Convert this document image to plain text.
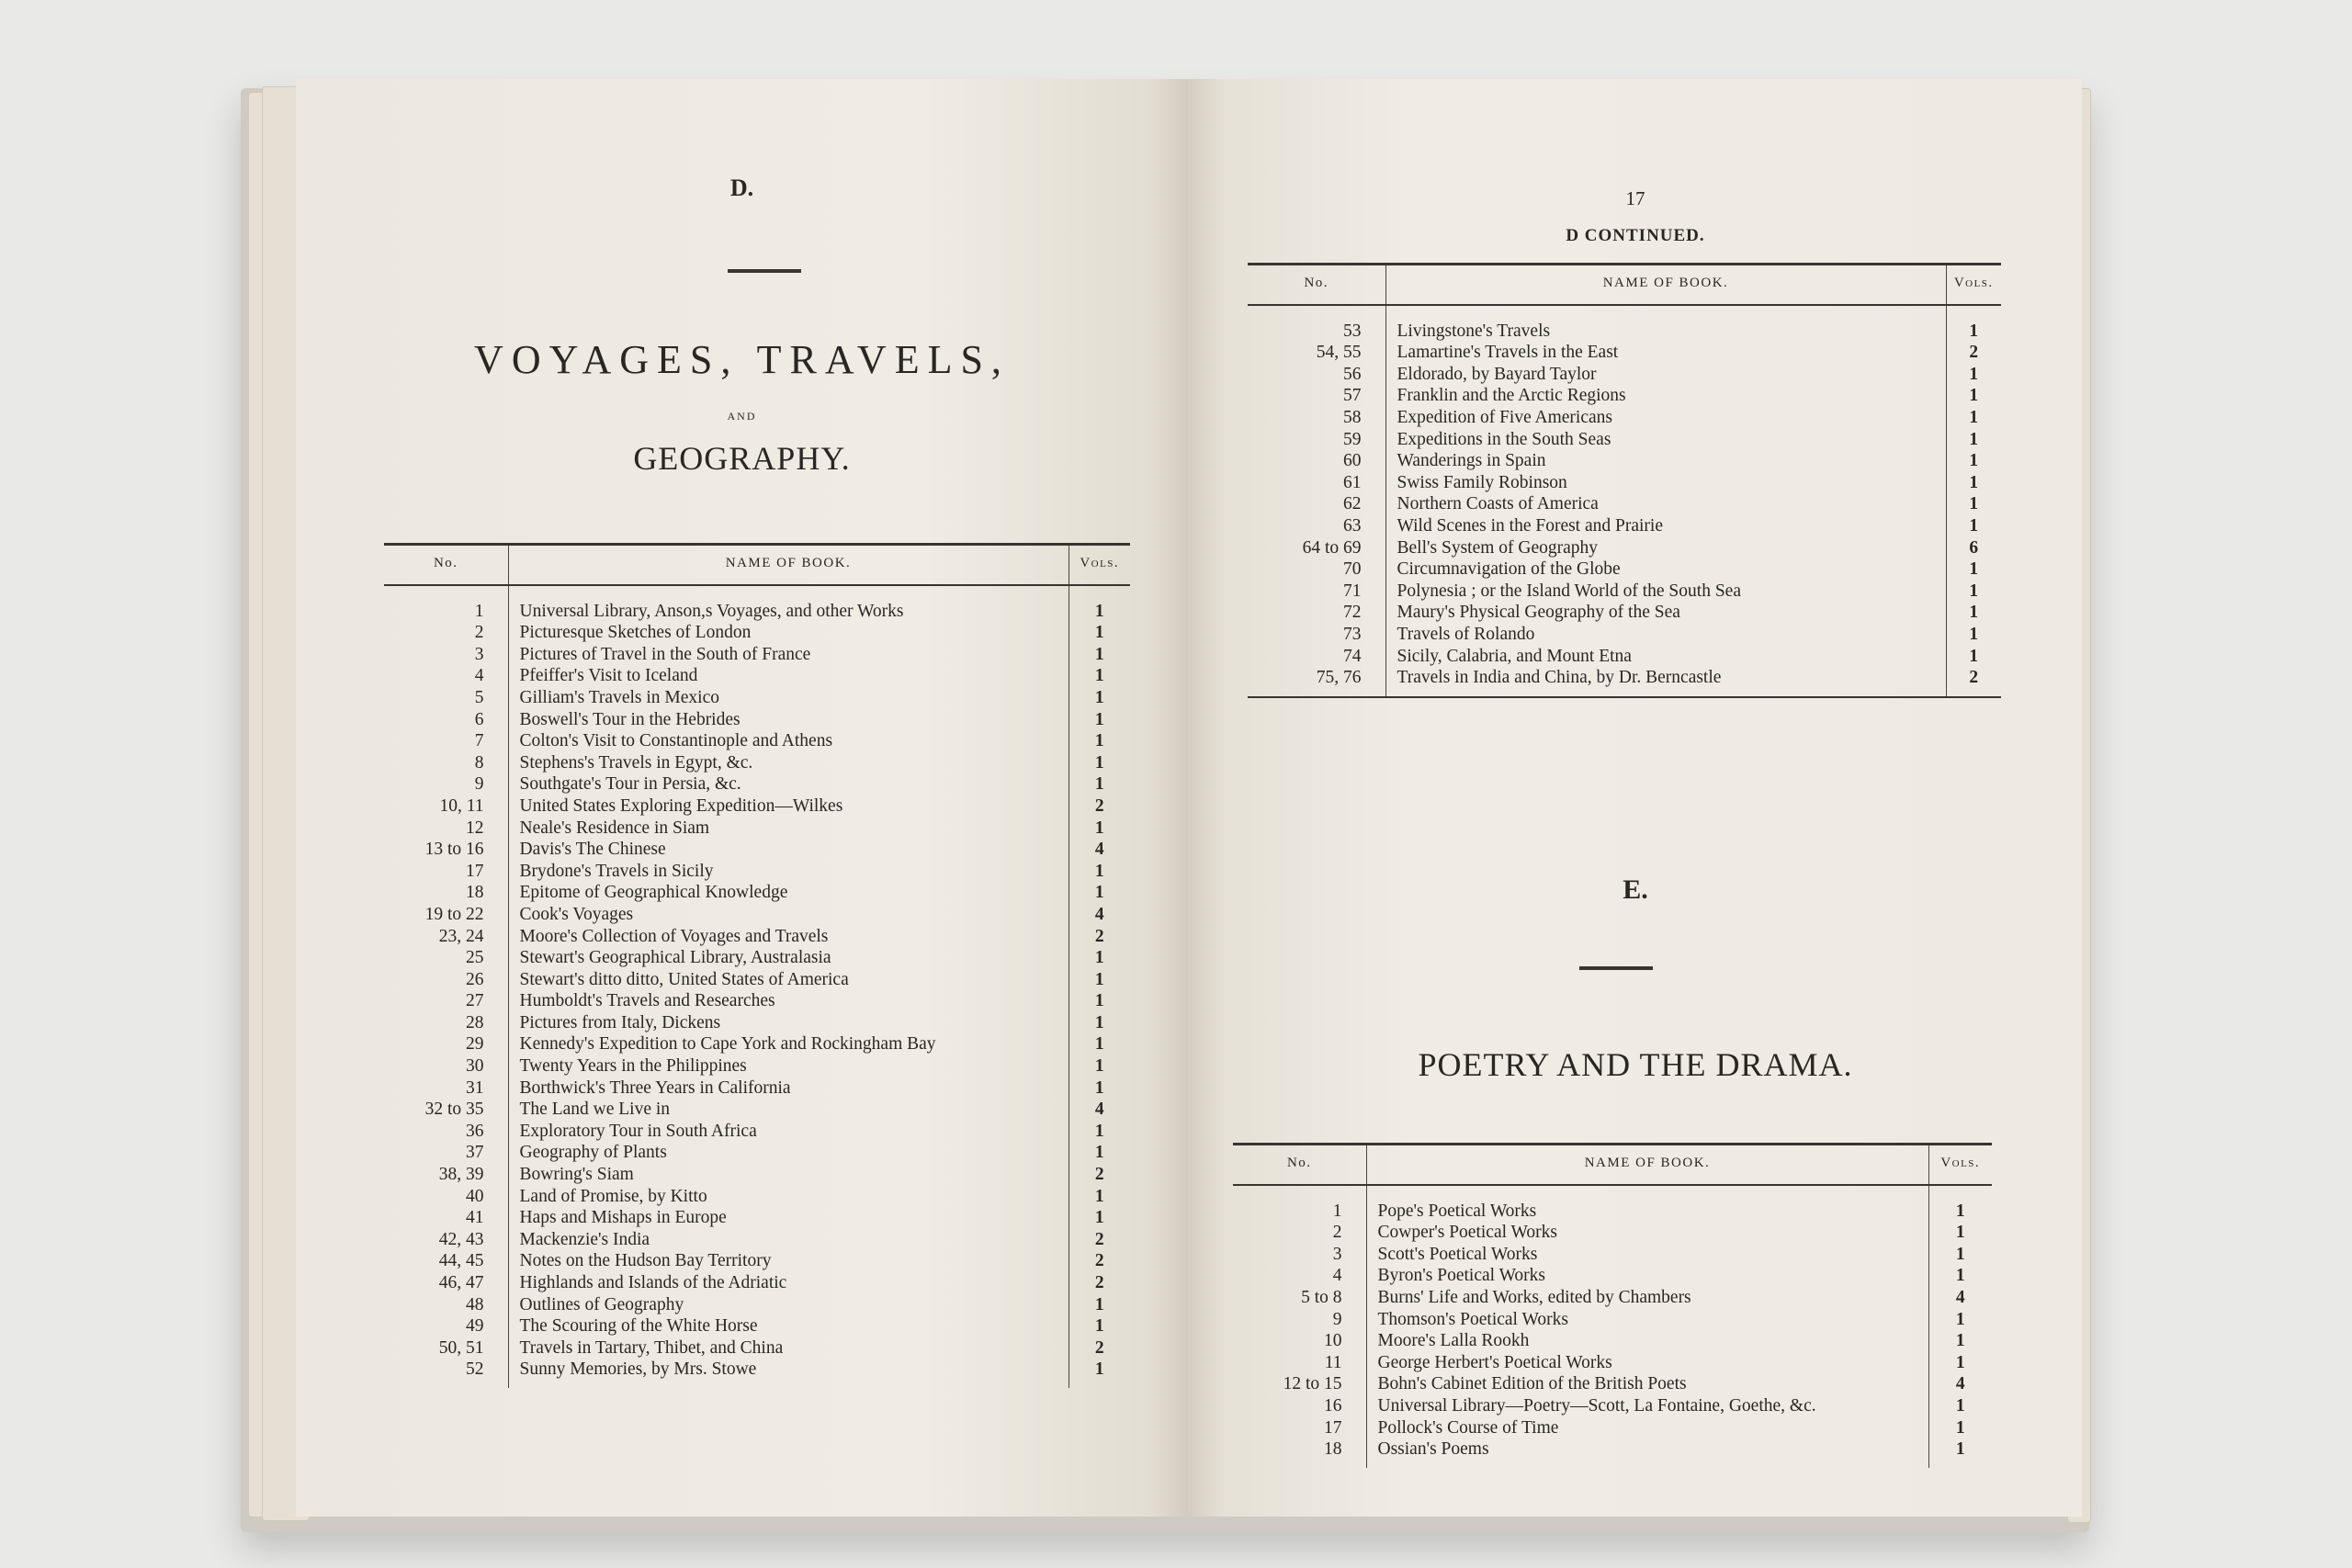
D.
VOYAGES, TRAVELS,
AND
GEOGRAPHY.
No.	NAME OF BOOK.	Vols.
1	Universal Library, Anson,s Voyages, and other Works	1
2	Picturesque Sketches of London	1
3	Pictures of Travel in the South of France	1
4	Pfeiffer's Visit to Iceland	1
5	Gilliam's Travels in Mexico	1
6	Boswell's Tour in the Hebrides	1
7	Colton's Visit to Constantinople and Athens	1
8	Stephens's Travels in Egypt, &c.	1
9	Southgate's Tour in Persia, &c.	1
10, 11	United States Exploring Expedition—Wilkes	2
12	Neale's Residence in Siam	1
13 to 16	Davis's The Chinese	4
17	Brydone's Travels in Sicily	1
18	Epitome of Geographical Knowledge	1
19 to 22	Cook's Voyages	4
23, 24	Moore's Collection of Voyages and Travels	2
25	Stewart's Geographical Library, Australasia	1
26	Stewart's ditto ditto, United States of America	1
27	Humboldt's Travels and Researches	1
28	Pictures from Italy, Dickens	1
29	Kennedy's Expedition to Cape York and Rockingham Bay	1
30	Twenty Years in the Philippines	1
31	Borthwick's Three Years in California	1
32 to 35	The Land we Live in	4
36	Exploratory Tour in South Africa	1
37	Geography of Plants	1
38, 39	Bowring's Siam	2
40	Land of Promise, by Kitto	1
41	Haps and Mishaps in Europe	1
42, 43	Mackenzie's India	2
44, 45	Notes on the Hudson Bay Territory	2
46, 47	Highlands and Islands of the Adriatic	2
48	Outlines of Geography	1
49	The Scouring of the White Horse	1
50, 51	Travels in Tartary, Thibet, and China	2
52	Sunny Memories, by Mrs. Stowe	1
17
D CONTINUED.
No.	NAME OF BOOK.	Vols.
53	Livingstone's Travels	1
54, 55	Lamartine's Travels in the East	2
56	Eldorado, by Bayard Taylor	1
57	Franklin and the Arctic Regions	1
58	Expedition of Five Americans	1
59	Expeditions in the South Seas	1
60	Wanderings in Spain	1
61	Swiss Family Robinson	1
62	Northern Coasts of America	1
63	Wild Scenes in the Forest and Prairie	1
64 to 69	Bell's System of Geography	6
70	Circumnavigation of the Globe	1
71	Polynesia ; or the Island World of the South Sea	1
72	Maury's Physical Geography of the Sea	1
73	Travels of Rolando	1
74	Sicily, Calabria, and Mount Etna	1
75, 76	Travels in India and China, by Dr. Berncastle	2

E.
POETRY AND THE DRAMA.
No.	NAME OF BOOK.	Vols.
1	Pope's Poetical Works	1
2	Cowper's Poetical Works	1
3	Scott's Poetical Works	1
4	Byron's Poetical Works	1
5 to 8	Burns' Life and Works, edited by Chambers	4
9	Thomson's Poetical Works	1
10	Moore's Lalla Rookh	1
11	George Herbert's Poetical Works	1
12 to 15	Bohn's Cabinet Edition of the British Poets	4
16	Universal Library—Poetry—Scott, La Fontaine, Goethe, &c.	1
17	Pollock's Course of Time	1
18	Ossian's Poems	1
